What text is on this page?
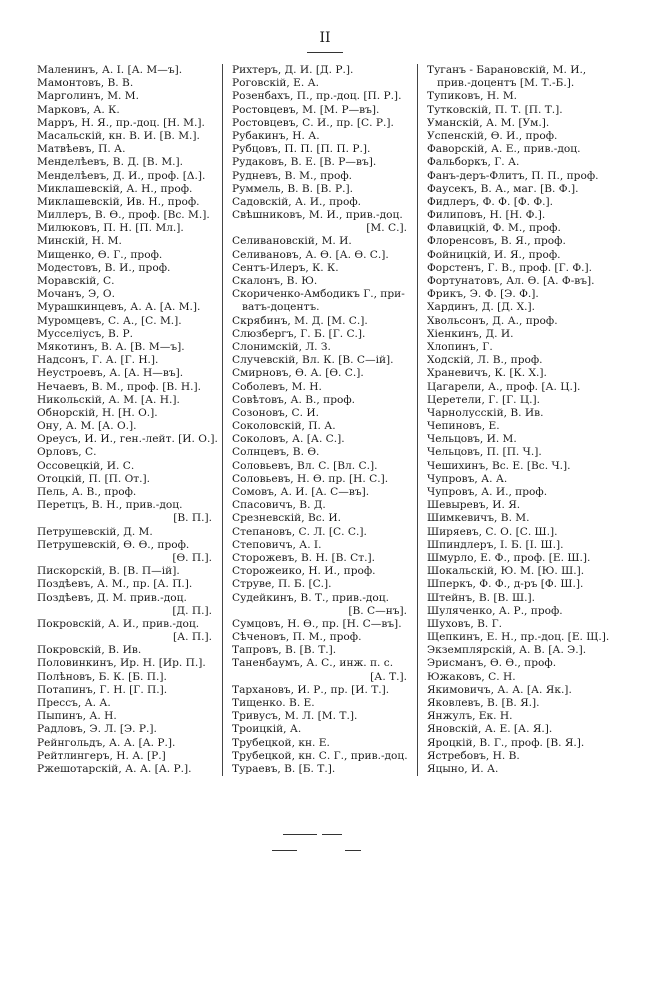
II
Маленинъ, А. І. [А. М—ъ].
Мамонтовъ, В. В.
Марголинъ, М. М.
Марковъ, А. К.
Марръ, Н. Я., пр.-доц. [Н. М.].
Масальскій, кн. В. И. [В. М.].
Матвѣевъ, П. А.
Менделѣевъ, В. Д. [В. М.].
Менделѣевъ, Д. И., проф. [Δ.].
Миклашевскій, А. Н., проф.
Миклашевскій, Ив. Н., проф.
Миллеръ, В. Ө., проф. [Вс. М.].
Милюковъ, П. Н. [П. Мл.].
Минскій, Н. М.
Мищенко, Ө. Г., проф.
Модестовъ, В. И., проф.
Моравскій, С.
Мочанъ, Э, О.
Мурашкинцевъ, А. А. [А. М.].
Муромцевъ, С. А., [С. М.].
Мусселіусъ, В. Р.
Мякотинъ, В. А. [В. М—ъ].
Надсонъ, Г. А. [Г. Н.].
Неустроевъ, А. [А. Н—въ].
Нечаевъ, В. М., проф. [В. Н.].
Никольскій, А. М. [А. Н.].
Обнорскій, Н. [Н. О.].
Ону, А. М. [А. О.].
Ореусъ, И. И., ген.-лейт. [И. О.].
Орловъ, С.
Оссовецкій, И. С.
Отоцкій, П. [П. От.].
Пель, А. В., проф.
Перетцъ, В. Н., прив.-доц.
[В. П.].
Петрушевскій, Д. М.
Петрушевскій, Ө. Ө., проф.
[Ө. П.].
Пискорскій, В. [В. П—ій].
Поздѣевъ, А. М., пр. [А. П.].
Поздѣевъ, Д. М. прив.-доц.
[Д. П.].
Покровскій, А. И., прив.-доц.
[А. П.].
Покровскій, В. Ив.
Половинкинъ, Ир. Н. [Ир. П.].
Полѣновъ, Б. К. [Б. П.].
Потапинъ, Г. Н. [Г. П.].
Прессъ, А. А.
Пыпинъ, А. Н.
Радловъ, Э. Л. [Э. Р.].
Рейнгольдъ, А. А. [А. Р.].
Рейтлингеръ, Н. А. [Р.]
Ржешотарскій, А. А. [А. Р.].
Рихтеръ, Д. И. [Д. Р.].
Роговскій, Е. А.
Розенбахъ, П., пр.-доц. [П. Р.].
Ростовцевъ, М. [М. Р—въ].
Ростовцевъ, С. И., пр. [С. Р.].
Рубакинъ, Н. А.
Рубцовъ, П. П. [П. П. Р.].
Рудаковъ, В. Е. [В. Р—въ].
Рудневъ, В. М., проф.
Руммель, В. В. [В. Р.].
Садовскій, А. И., проф.
Свѣшниковъ, М. И., прив.-доц.
[М. С.].
Селивановскій, М. И.
Селивановъ, А. Ө. [А. Ө. С.].
Сентъ-Илеръ, К. К.
Скалонъ, В. Ю.
Скориченко-Амбодикъ Г., при-
ватъ-доцентъ.
Скрябинъ, М. Д. [М. С.].
Слюзбергъ, Г. Б. [Г. С.].
Слонимскій, Л. З.
Случевскій, Вл. К. [В. С—ій].
Смирновъ, Ө. А. [Ө. С.].
Соболевъ, М. Н.
Совѣтовъ, А. В., проф.
Созоновъ, С. И.
Соколовскій, П. А.
Соколовъ, А. [А. С.].
Солнцевъ, В. Ө.
Соловьевъ, Вл. С. [Вл. С.].
Соловьевъ, Н. Ө. пр. [Н. С.].
Сомовъ, А. И. [А. С—въ].
Спасовичъ, В. Д.
Срезневскій, Вс. И.
Степановъ, С. Л. [С. С.].
Степовичъ, А. І.
Сторожевъ, В. Н. [В. Ст.].
Сторожеико, Н. И., проф.
Струве, П. Б. [С.].
Судейкинъ, В. Т., прив.-доц.
[В. С—нъ].
Сумцовъ, Н. Ө., пр. [Н. С—въ].
Сѣченовъ, П. М., проф.
Тапровъ, В. [В. Т.].
Таненбаумъ, А. С., инж. п. с.
[А. Т.].
Тархановъ, И. Р., пр. [И. Т.].
Тищенко. В. Е.
Тривусъ, М. Л. [М. Т.].
Троицкій, А.
Трубецкой, кн. Е.
Трубецкой, кн. С. Г., прив.-доц.
Тураевъ, В. [Б. Т.].
Туганъ - Барановскій, М. И.,
прив.-доцентъ [М. Т.-Б.].
Тупиковъ, Н. М.
Тутковскій, П. Т. [П. Т.].
Уманскій, А. М. [Ум.].
Успенскій, Ө. И., проф.
Фаворскій, А. Е., прив.-доц.
Фальборкъ, Г. А.
Фанъ-деръ-Флитъ, П. П., проф.
Фаусекъ, В. А., маг. [В. Ф.].
Фидлеръ, Ф. Ф. [Ф. Ф.].
Филиповъ, Н. [Н. Ф.].
Флавицкій, Ф. М., проф.
Флоренсовъ, В. Я., проф.
Фойницкій, И. Я., проф.
Форстенъ, Г. В., проф. [Г. Ф.].
Фортунатовъ, Ал. Ө. [А. Ф-въ].
Фрикъ, Э. Ф. [Э. Ф.].
Хардинъ, Д. [Д. Х.].
Хвольсонъ, Д. А., проф.
Хіенкинъ, Д. И.
Хлопинъ, Г.
Ходскій, Л. В., проф.
Храневичъ, К. [К. Х.].
Цагарели, А., проф. [А. Ц.].
Церетели, Г. [Г. Ц.].
Чарнолусскій, В. Ив.
Чепиновъ, Е.
Чельцовъ, И. М.
Чельцовъ, П. [П. Ч.].
Чешихинъ, Вс. Е. [Вс. Ч.].
Чупровъ, А. А.
Чупровъ, А. И., проф.
Шевыревъ, И. Я.
Шимкевичъ, В. М.
Ширяевъ, С. О. [С. Ш.].
Шпиндлеръ, І. Б. [І. Ш.].
Шмурло, Е. Ф., проф. [Е. Ш.].
Шокальскій, Ю. М. [Ю. Ш.].
Шперкъ, Ф. Ф., д-ръ [Ф. Ш.].
Штейнъ, В. [В. Ш.].
Шуляченко, А. Р., проф.
Шуховъ, В. Г.
Щепкинъ, Е. Н., пр.-доц. [Е. Щ.].
Экземплярскій, А. В. [А. Э.].
Эрисманъ, Ө. Ө., проф.
Южаковъ, С. Н.
Якимовичъ, А. А. [А. Як.].
Яковлевъ, В. [В. Я.].
Янжулъ, Ек. Н.
Яновскій, А. Е. [А. Я.].
Яроцкій, В. Г., проф. [В. Я.].
Ястребовъ, Н. В.
Яцыно, И. А.
